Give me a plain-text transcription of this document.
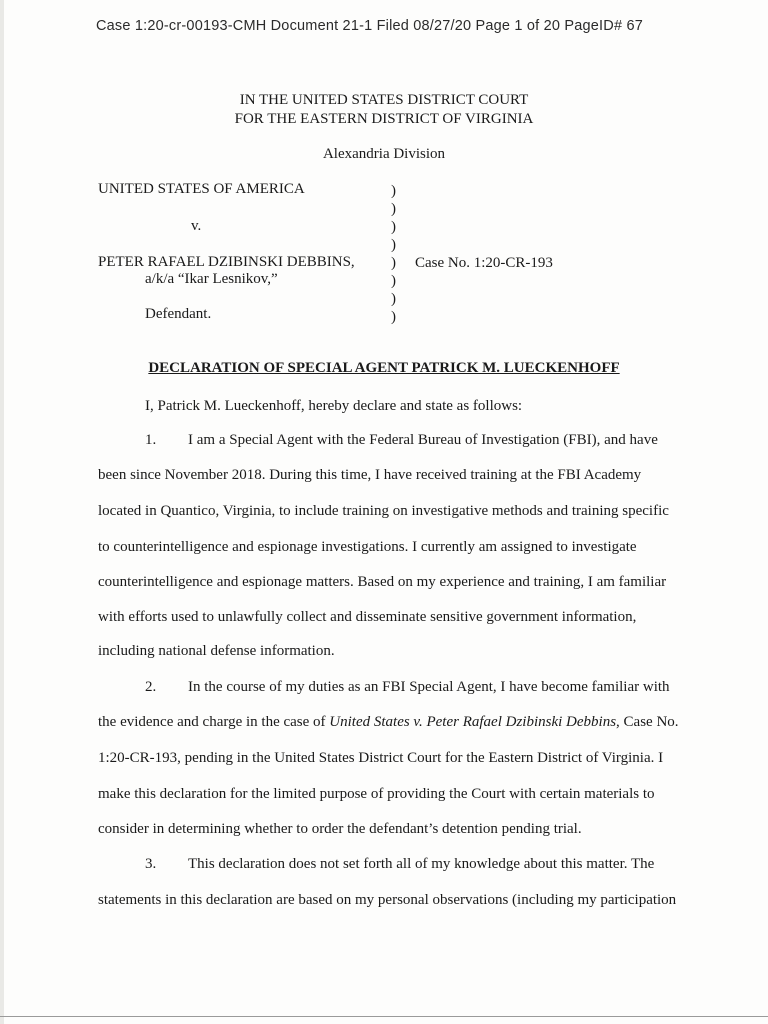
Case 1:20-cr-00193-CMH Document 21-1 Filed 08/27/20 Page 1 of 20 PageID# 67
IN THE UNITED STATES DISTRICT COURT
FOR THE EASTERN DISTRICT OF VIRGINIA
Alexandria Division
UNITED STATES OF AMERICA
v.
PETER RAFAEL DZIBINSKI DEBBINS,
a/k/a “Ikar Lesnikov,”
Defendant.
)
)
)
)
)
)
)
)
Case No. 1:20-CR-193
DECLARATION OF SPECIAL AGENT PATRICK M. LUECKENHOFF
I, Patrick M. Lueckenhoff, hereby declare and state as follows:
1. I am a Special Agent with the Federal Bureau of Investigation (FBI), and have
been since November 2018. During this time, I have received training at the FBI Academy
located in Quantico, Virginia, to include training on investigative methods and training specific
to counterintelligence and espionage investigations. I currently am assigned to investigate
counterintelligence and espionage matters. Based on my experience and training, I am familiar
with efforts used to unlawfully collect and disseminate sensitive government information,
including national defense information.
2. In the course of my duties as an FBI Special Agent, I have become familiar with
the evidence and charge in the case of United States v. Peter Rafael Dzibinski Debbins, Case No.
1:20-CR-193, pending in the United States District Court for the Eastern District of Virginia. I
make this declaration for the limited purpose of providing the Court with certain materials to
consider in determining whether to order the defendant’s detention pending trial.
3. This declaration does not set forth all of my knowledge about this matter. The
statements in this declaration are based on my personal observations (including my participation
